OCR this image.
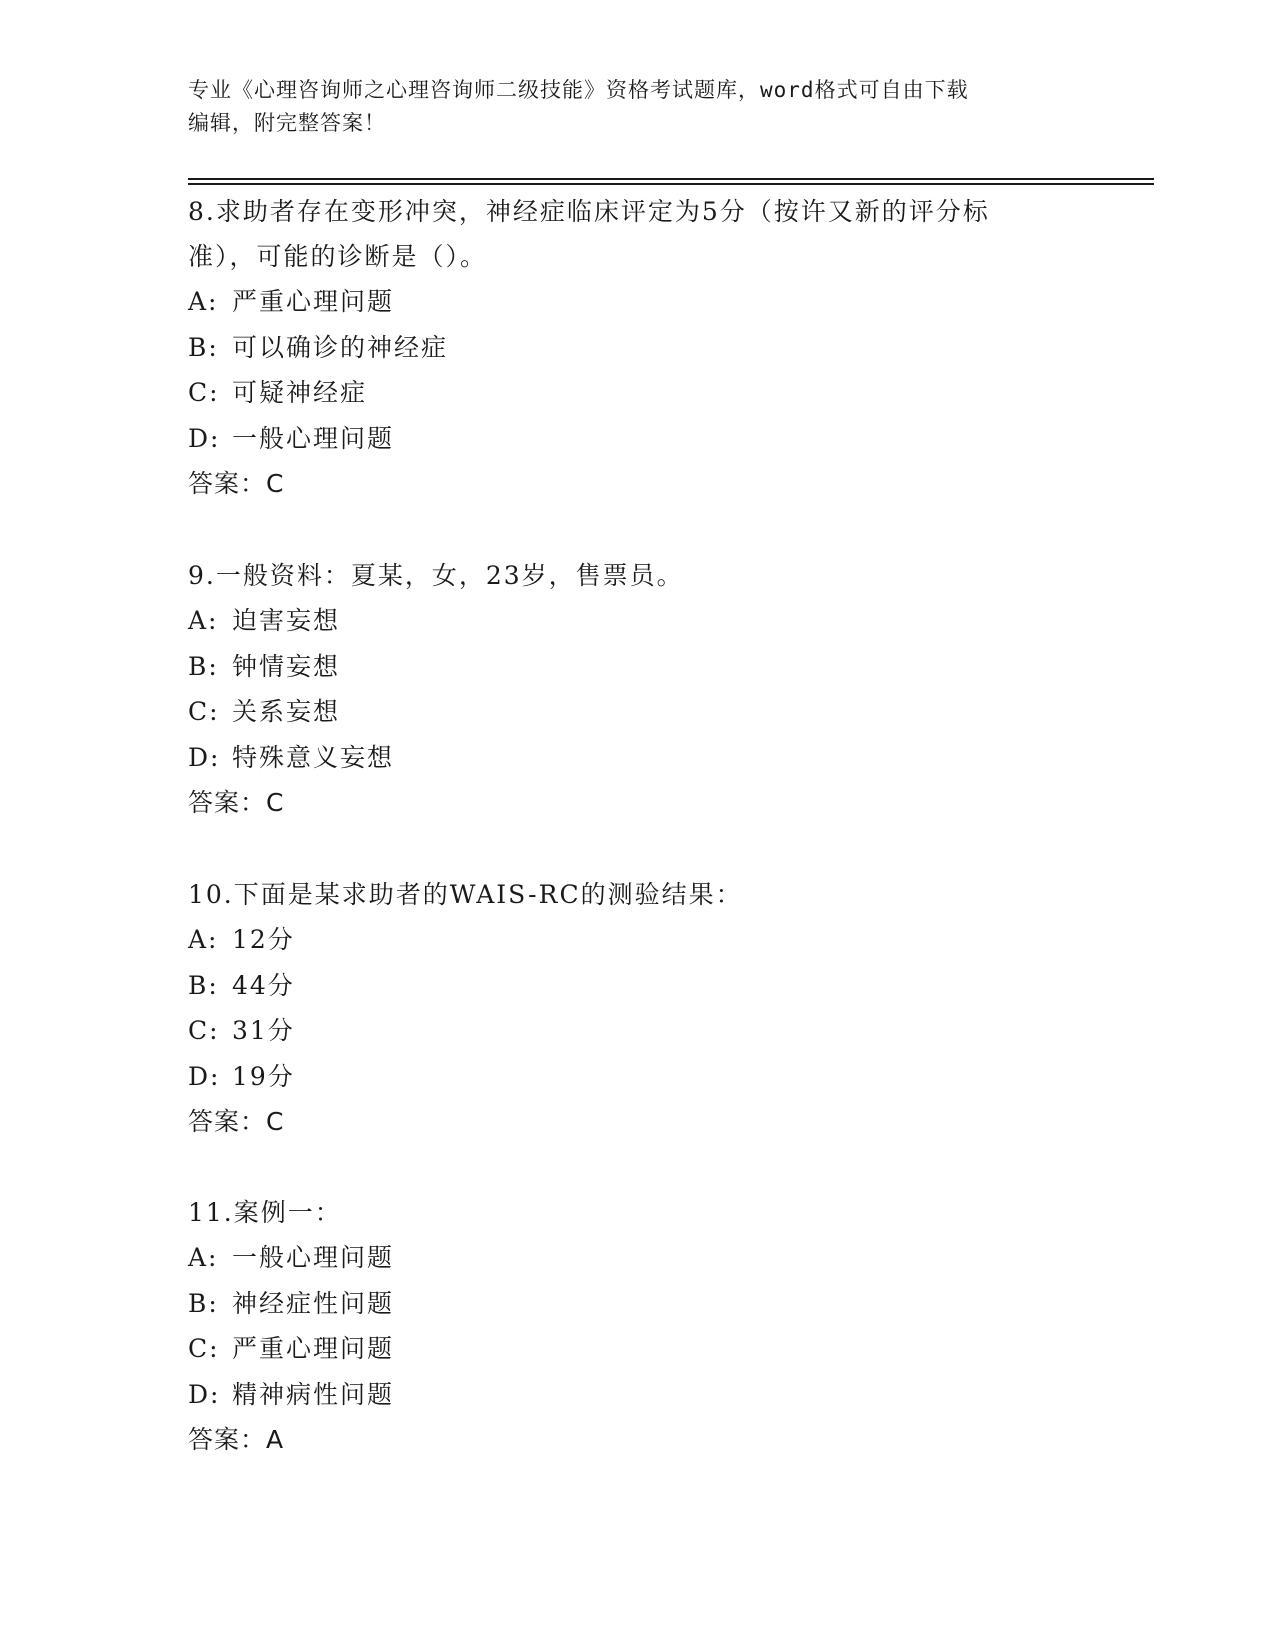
专业《心理咨询师之心理咨询师二级技能》资格考试题库，word格式可自由下载

编辑，附完整答案！

8.求助者存在变形冲突，神经症临床评定为5分（按许又新的评分标

准），可能的诊断是（）。

A: 严重心理问题

B: 可以确诊的神经症

C: 可疑神经症

D: 一般心理问题

答案：C

9.一般资料：夏某，女，23岁，售票员。

A: 迫害妄想

B: 钟情妄想

C: 关系妄想

D: 特殊意义妄想

答案：C

10.下面是某求助者的WAIS-RC的测验结果：

A: 12分

B: 44分

C: 31分

D: 19分

答案：C

11.案例一：

A: 一般心理问题

B: 神经症性问题

C: 严重心理问题

D: 精神病性问题

答案：A
